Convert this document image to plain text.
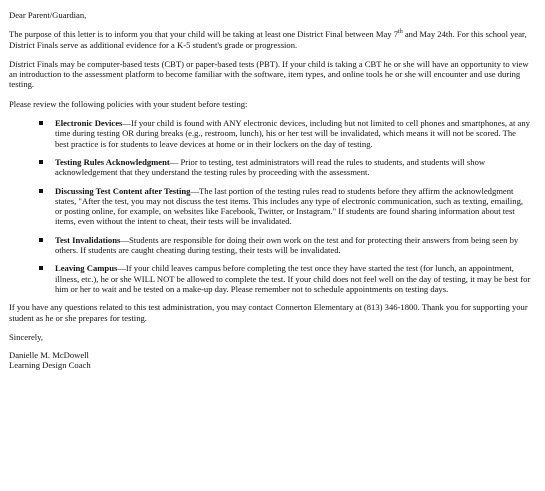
Dear Parent/Guardian,

The purpose of this letter is to inform you that your child will be taking at least one District Final between May 7th and May 24th. For this school year, District Finals serve as additional evidence for a K-5 student's grade or progression.

District Finals may be computer-based tests (CBT) or paper-based tests (PBT). If your child is taking a CBT he or she will have an opportunity to view an introduction to the assessment platform to become familiar with the software, item types, and online tools he or she will encounter and use during testing.

Please review the following policies with your student before testing:

Electronic Devices—If your child is found with ANY electronic devices, including but not limited to cell phones and smartphones, at any time during testing OR during breaks (e.g., restroom, lunch), his or her test will be invalidated, which means it will not be scored. The best practice is for students to leave devices at home or in their lockers on the day of testing.
Testing Rules Acknowledgment— Prior to testing, test administrators will read the rules to students, and students will show acknowledgement that they understand the testing rules by proceeding with the assessment.
Discussing Test Content after Testing—The last portion of the testing rules read to students before they affirm the acknowledgment states, "After the test, you may not discuss the test items. This includes any type of electronic communication, such as texting, emailing, or posting online, for example, on websites like Facebook, Twitter, or Instagram." If students are found sharing information about test items, even without the intent to cheat, their tests will be invalidated.
Test Invalidations—Students are responsible for doing their own work on the test and for protecting their answers from being seen by others. If students are caught cheating during testing, their tests will be invalidated.
Leaving Campus—If your child leaves campus before completing the test once they have started the test (for lunch, an appointment, illness, etc.), he or she WILL NOT be allowed to complete the test. If your child does not feel well on the day of testing, it may be best for him or her to wait and be tested on a make-up day. Please remember not to schedule appointments on testing days.

If you have any questions related to this test administration, you may contact Connerton Elementary at (813) 346-1800. Thank you for supporting your student as he or she prepares for testing.

Sincerely,

Danielle M. McDowell

Learning Design Coach
